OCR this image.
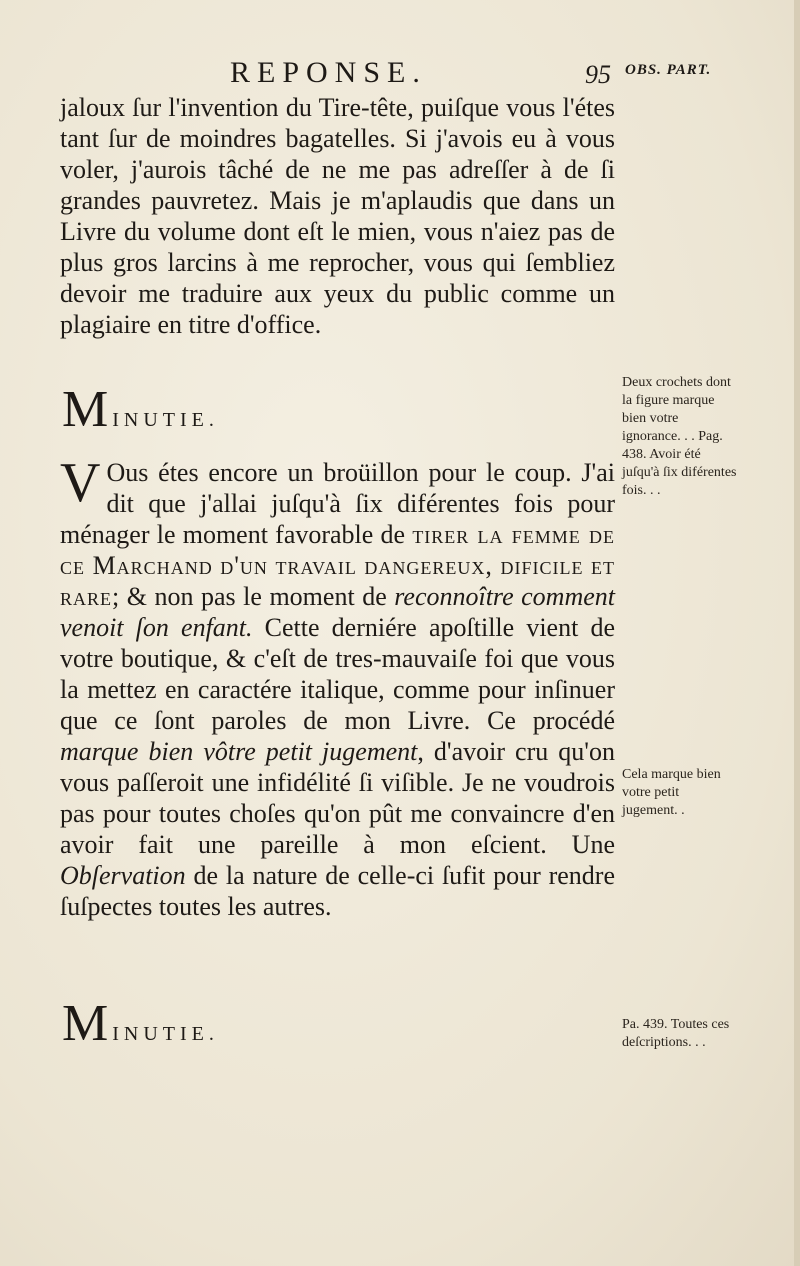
REPONSE.	95 OBS. PART.
jaloux ſur l'invention du Tire-tête, puiſque vous l'étes tant ſur de moindres bagatelles. Si j'avois eu à vous voler, j'aurois tâché de ne me pas adreſſer à de ſi grandes pauvretez. Mais je m'aplaudis que dans un Livre du volume dont eſt le mien, vous n'aiez pas de plus gros larcins à me reprocher, vous qui ſembliez devoir me traduire aux yeux du public comme un plagiaire en titre d'office.
MINUTIE.
V Ous étes encore un broüillon pour le coup. J'ai dit que j'allai juſqu'à ſix diférentes fois pour ménager le moment favorable de tirer la femme de ce Marchand d'un travail dangereux, dificile et rare; & non pas le moment de reconnoître comment venoit ſon enfant. Cette derniére apoſtille vient de votre boutique, & c'eſt de tres-mauvaiſe foi que vous la mettez en caractére italique, comme pour inſinuer que ce ſont paroles de mon Livre. Ce procédé marque bien vôtre petit jugement, d'avoir cru qu'on vous paſſeroit une infidélité ſi viſible. Je ne voudrois pas pour toutes choſes qu'on pût me convaincre d'en avoir fait une pareille à mon eſcient. Une Obſervation de la nature de celle-ci ſufit pour rendre ſuſpectes toutes les autres.
MINUTIE.
Deux crochets dont la figure marque bien votre ignorance. . . Pag. 438. Avoir été juſqu'à ſix diférentes fois. . .
Cela marque bien votre petit jugement. .
Pa. 439. Toutes ces deſcriptions. . .
